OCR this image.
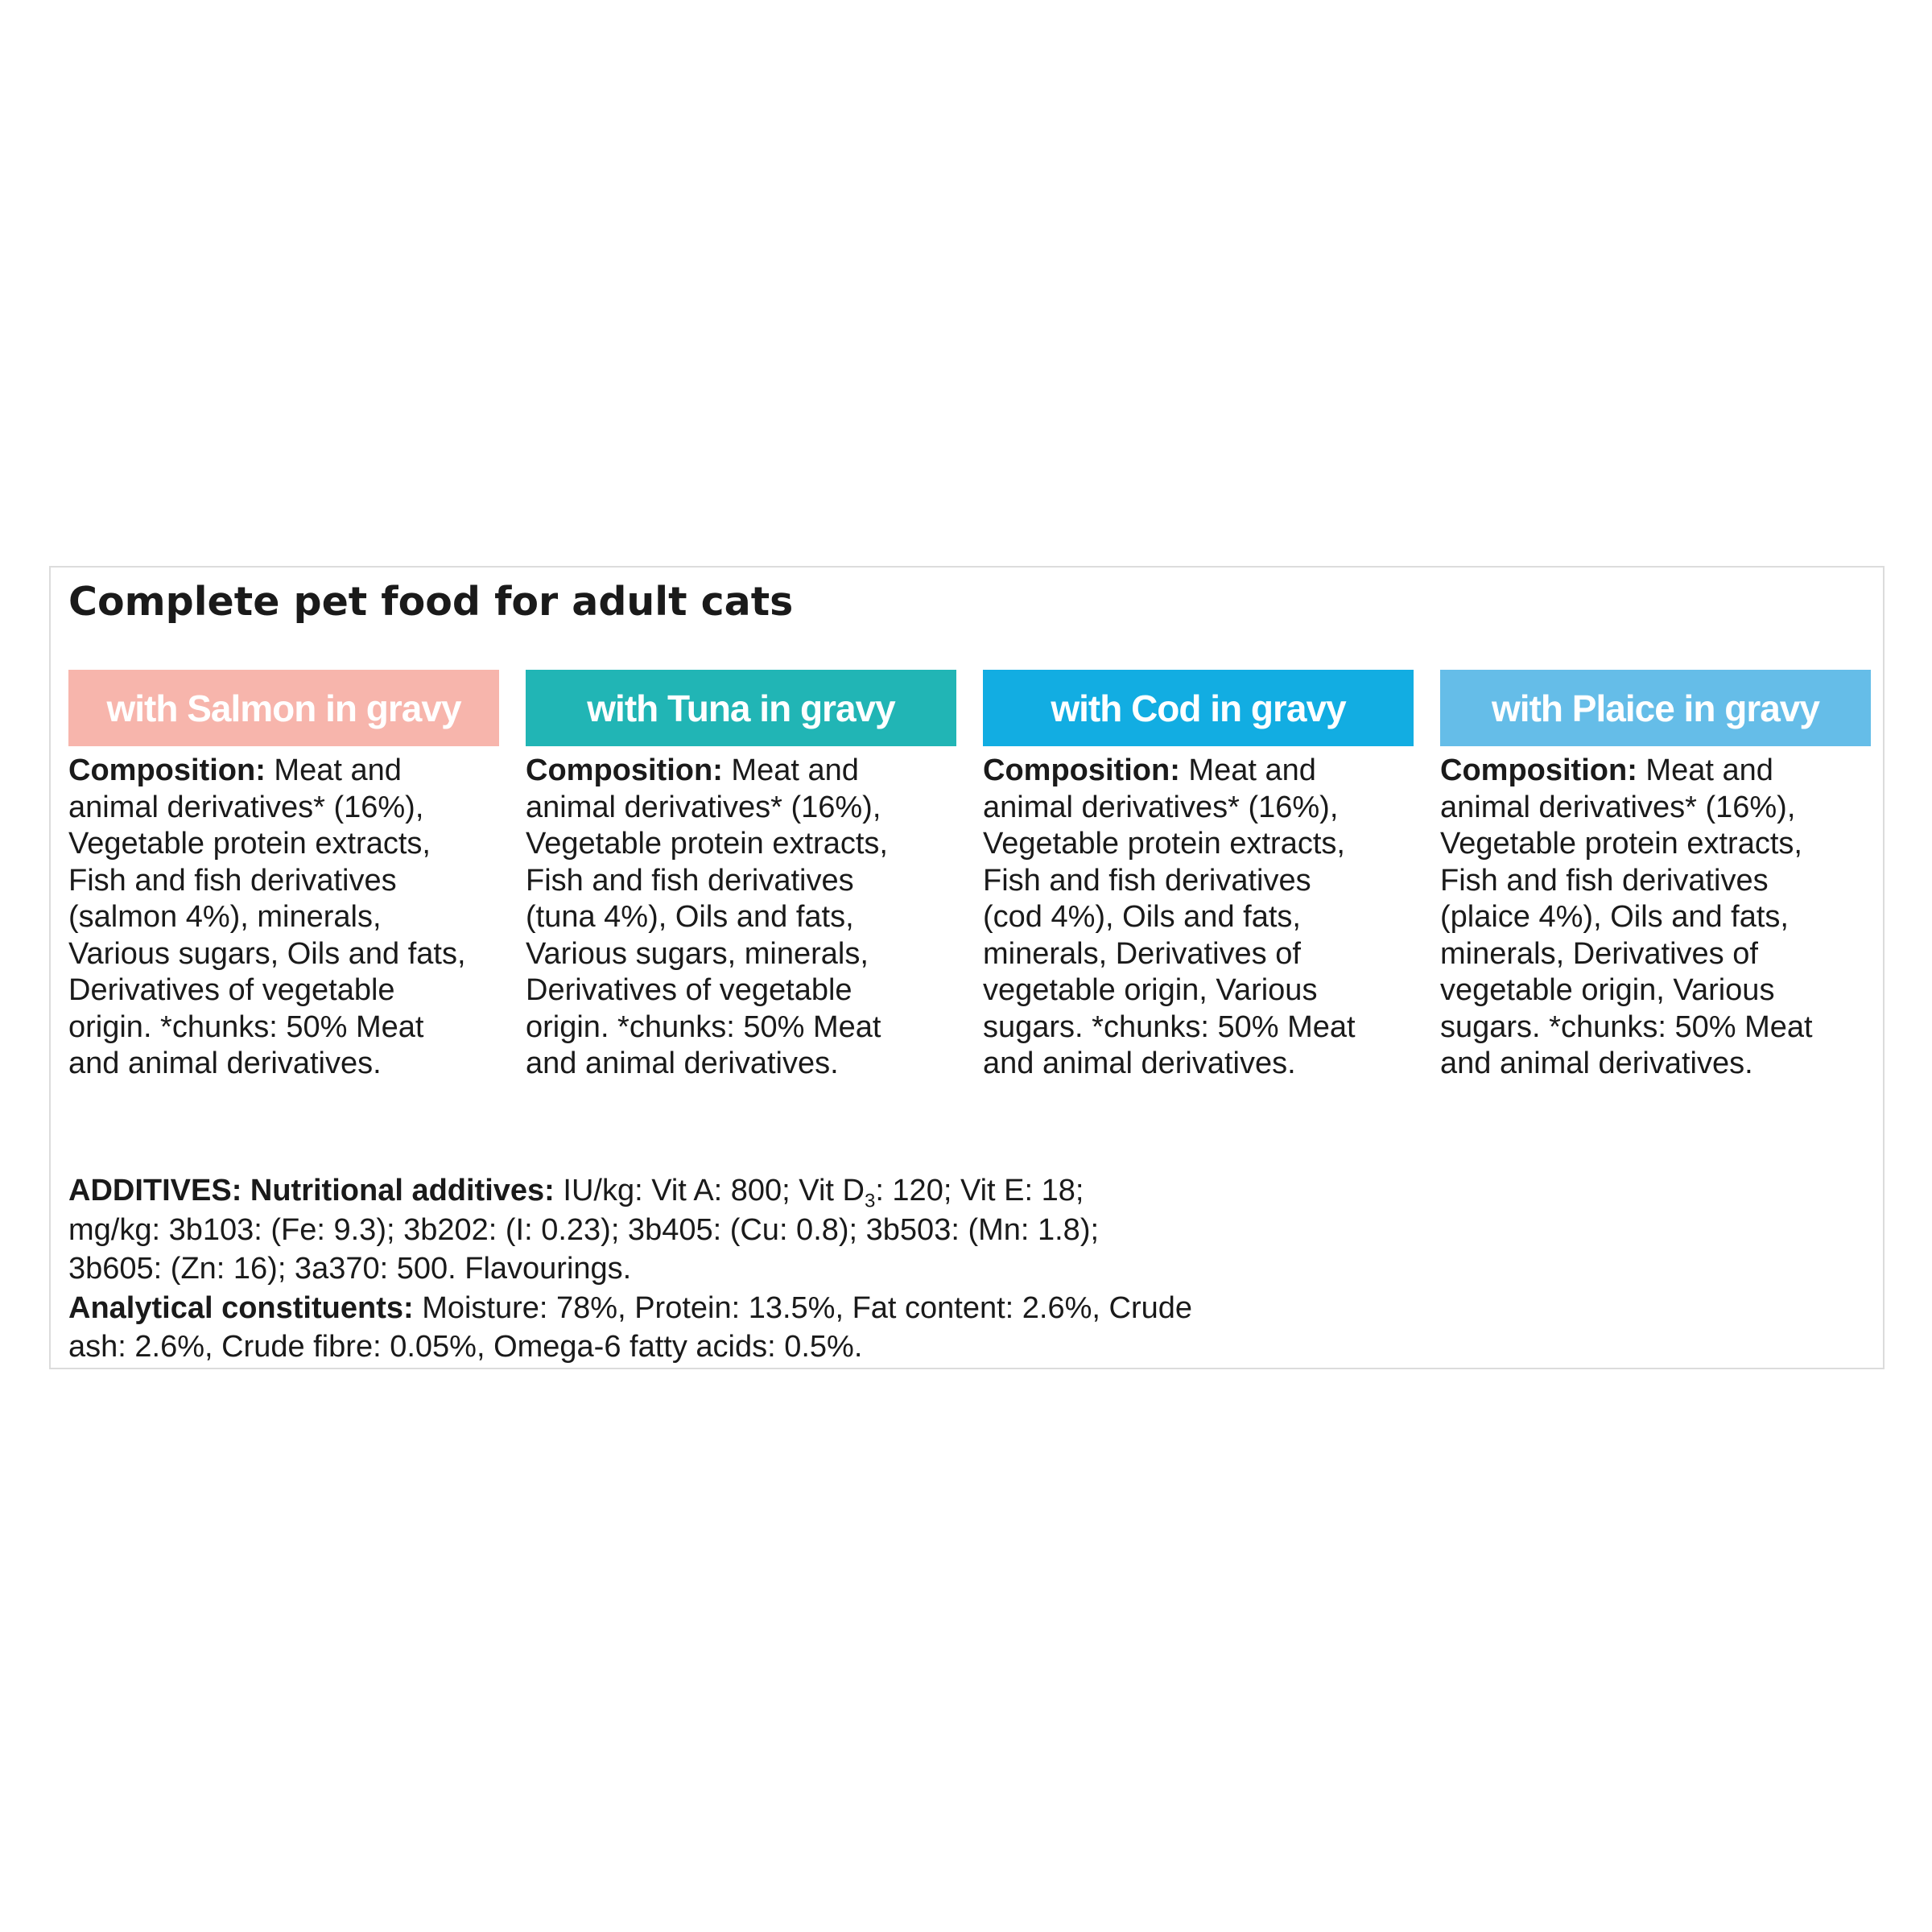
Complete pet food for adult cats
with Salmon in gravy
Composition: Meat and
animal derivatives* (16%),
Vegetable protein extracts,
Fish and fish derivatives
(salmon 4%), minerals,
Various sugars, Oils and fats,
Derivatives of vegetable
origin. *chunks: 50% Meat
and animal derivatives.
with Tuna in gravy
Composition: Meat and
animal derivatives* (16%),
Vegetable protein extracts,
Fish and fish derivatives
(tuna 4%), Oils and fats,
Various sugars, minerals,
Derivatives of vegetable
origin. *chunks: 50% Meat
and animal derivatives.
with Cod in gravy
Composition: Meat and
animal derivatives* (16%),
Vegetable protein extracts,
Fish and fish derivatives
(cod 4%), Oils and fats,
minerals, Derivatives of
vegetable origin, Various
sugars. *chunks: 50% Meat
and animal derivatives.
with Plaice in gravy
Composition: Meat and
animal derivatives* (16%),
Vegetable protein extracts,
Fish and fish derivatives
(plaice 4%), Oils and fats,
minerals, Derivatives of
vegetable origin, Various
sugars. *chunks: 50% Meat
and animal derivatives.
ADDITIVES: Nutritional additives: IU/kg: Vit A: 800; Vit $D_3$: 120; Vit E: 18;
mg/kg: 3b103: (Fe: 9.3); 3b202: (I: 0.23); 3b405: (Cu: 0.8); 3b503: (Mn: 1.8);
3b605: (Zn: 16); 3a370: 500. Flavourings.
Analytical constituents: Moisture: 78%, Protein: 13.5%, Fat content: 2.6%, Crude
ash: 2.6%, Crude fibre: 0.05%, Omega-6 fatty acids: 0.5%.
